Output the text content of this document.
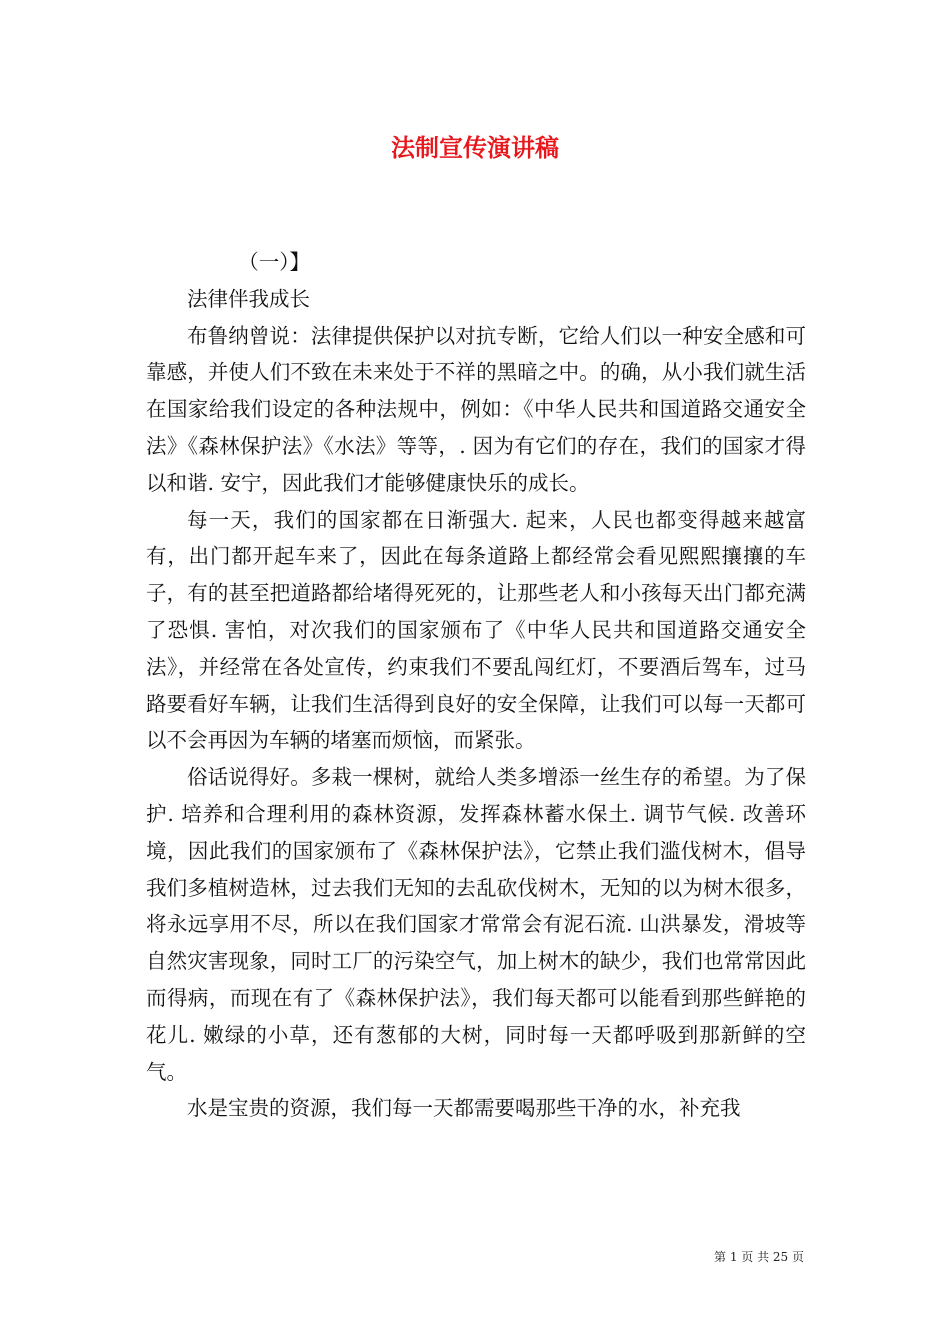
法制宣传演讲稿

（一）】

法律伴我成长

布鲁纳曾说：法律提供保护以对抗专断，它给人们以一种安全感和可靠感，并使人们不致在未来处于不祥的黑暗之中。的确，从小我们就生活在国家给我们设定的各种法规中，例如：《中华人民共和国道路交通安全法》《森林保护法》《水法》等等，. 因为有它们的存在，我们的国家才得以和谐. 安宁，因此我们才能够健康快乐的成长。

每一天，我们的国家都在日渐强大. 起来，人民也都变得越来越富有，出门都开起车来了，因此在每条道路上都经常会看见熙熙攘攘的车子，有的甚至把道路都给堵得死死的，让那些老人和小孩每天出门都充满了恐惧. 害怕，对次我们的国家颁布了《中华人民共和国道路交通安全法》，并经常在各处宣传，约束我们不要乱闯红灯，不要酒后驾车，过马路要看好车辆，让我们生活得到良好的安全保障，让我们可以每一天都可以不会再因为车辆的堵塞而烦恼，而紧张。

俗话说得好。多栽一棵树，就给人类多增添一丝生存的希望。为了保护. 培养和合理利用的森林资源，发挥森林蓄水保土. 调节气候. 改善环境，因此我们的国家颁布了《森林保护法》，它禁止我们滥伐树木，倡导我们多植树造林，过去我们无知的去乱砍伐树木，无知的以为树木很多，将永远享用不尽，所以在我们国家才常常会有泥石流. 山洪暴发，滑坡等自然灾害现象，同时工厂的污染空气，加上树木的缺少，我们也常常因此而得病，而现在有了《森林保护法》，我们每天都可以能看到那些鲜艳的花儿. 嫩绿的小草，还有葱郁的大树，同时每一天都呼吸到那新鲜的空气。

水是宝贵的资源，我们每一天都需要喝那些干净的水，补充我

第 1 页 共 25 页
